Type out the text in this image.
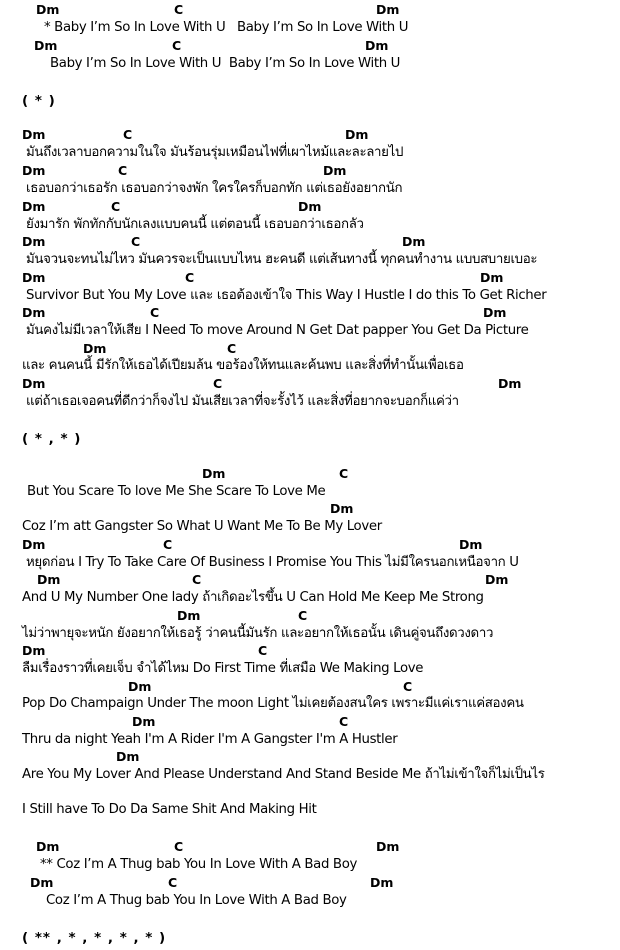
Dm	C	Dm
* Baby I’m So In Love With U   Baby I’m So In Love With U
Dm	C	Dm
Baby I’m So In Love With U  Baby I’m So In Love With U
( * )
Dm	C	Dm
มันถึงเวลาบอกความในใจ มันร้อนรุ่มเหมือนไฟที่เผาไหม้และละลายไป
Dm	C	Dm
เธอบอกว่าเธอรัก เธอบอกว่าจงพัก ใครใครก็บอกทัก แต่เธอยังอยากนัก
Dm	C	Dm
ยังมารัก พักทักกับนักเลงแบบคนนี้ แต่ตอนนี้ เธอบอกว่าเธอกลัว
Dm	C	Dm
มันจวนจะทนไม่ไหว มันควรจะเป็นแบบไหน ฮะคนดี แต่เส้นทางนี้ ทุกคนทำงาน แบบสบายเบอะ
Dm	C	Dm
Survivor But You My Love และ เธอต้องเข้าใจ This Way I Hustle I do this To Get Richer
Dm	C	Dm
มันคงไม่มีเวลาให้เสีย I Need To move Around N Get Dat papper You Get Da Picture
Dm	C
และ คนคนนี้ มีรักให้เธอได้เปียมล้น ขอร้องให้ทนและค้นพบ และสิ่งที่ทำนั้นเพื่อเธอ
Dm	C	Dm
แต่ถ้าเธอเจอคนที่ดีกว่าก็จงไป มันเสียเวลาที่จะรั้งไว้ และสิ่งที่อยากจะบอกก็แค่ว่า
( * , * )
Dm	C
But You Scare To love Me She Scare To Love Me
Dm
Coz I’m att Gangster So What U Want Me To Be My Lover
Dm	C	Dm
หยุดก่อน I Try To Take Care Of Business I Promise You This ไม่มีใครนอกเหนือจาก U
Dm	C	Dm
And U My Number One lady ถ้าเกิดอะไรขึ้น U Can Hold Me Keep Me Strong
Dm	C
ไม่ว่าพายุจะหนัก ยังอยากให้เธอรู้ ว่าคนนี้มันรัก และอยากให้เธอนั้น เดินคู่จนถึงดวงดาว
Dm	C
ลืมเรื่องราวที่เคยเจ็บ จำได้ไหม Do First Time ที่เสมือ We Making Love
Dm	C
Pop Do Champaign Under The moon Light ไม่เคยต้องสนใคร เพราะมีแค่เราแค่สองคน
Dm	C
Thru da night Yeah I'm A Rider I'm A Gangster I'm A Hustler
Dm
Are You My Lover And Please Understand And Stand Beside Me ถ้าไม่เข้าใจก็ไม่เป็นไร
I Still have To Do Da Same Shit And Making Hit
Dm	C	Dm
** Coz I’m A Thug bab You In Love With A Bad Boy
Dm	C	Dm
Coz I’m A Thug bab You In Love With A Bad Boy
( ** , * , * , * , * )
